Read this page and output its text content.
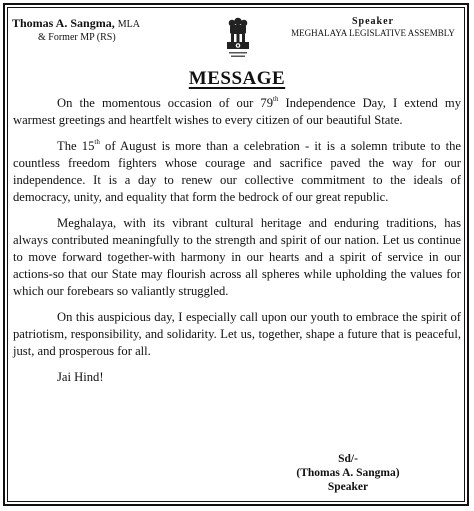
Thomas A. Sangma, MLA
& Former MP (RS)
Speaker
MEGHALAYA LEGISLATIVE ASSEMBLY
MESSAGE

On the momentous occasion of our 79th Independence Day, I extend my warmest greetings and heartfelt wishes to every citizen of our beautiful State.

The 15th of August is more than a celebration - it is a solemn tribute to the countless freedom fighters whose courage and sacrifice paved the way for our independence. It is a day to renew our collective commitment to the ideals of democracy, unity, and equality that form the bedrock of our great republic.

Meghalaya, with its vibrant cultural heritage and enduring traditions, has always contributed meaningfully to the strength and spirit of our nation. Let us continue to move forward together-with harmony in our hearts and a spirit of service in our actions-so that our State may flourish across all spheres while upholding the values for which our forebears so valiantly struggled.

On this auspicious day, I especially call upon our youth to embrace the spirit of patriotism, responsibility, and solidarity. Let us, together, shape a future that is peaceful, just, and prosperous for all.

Jai Hind!

Sd/-
(Thomas A. Sangma)
Speaker
